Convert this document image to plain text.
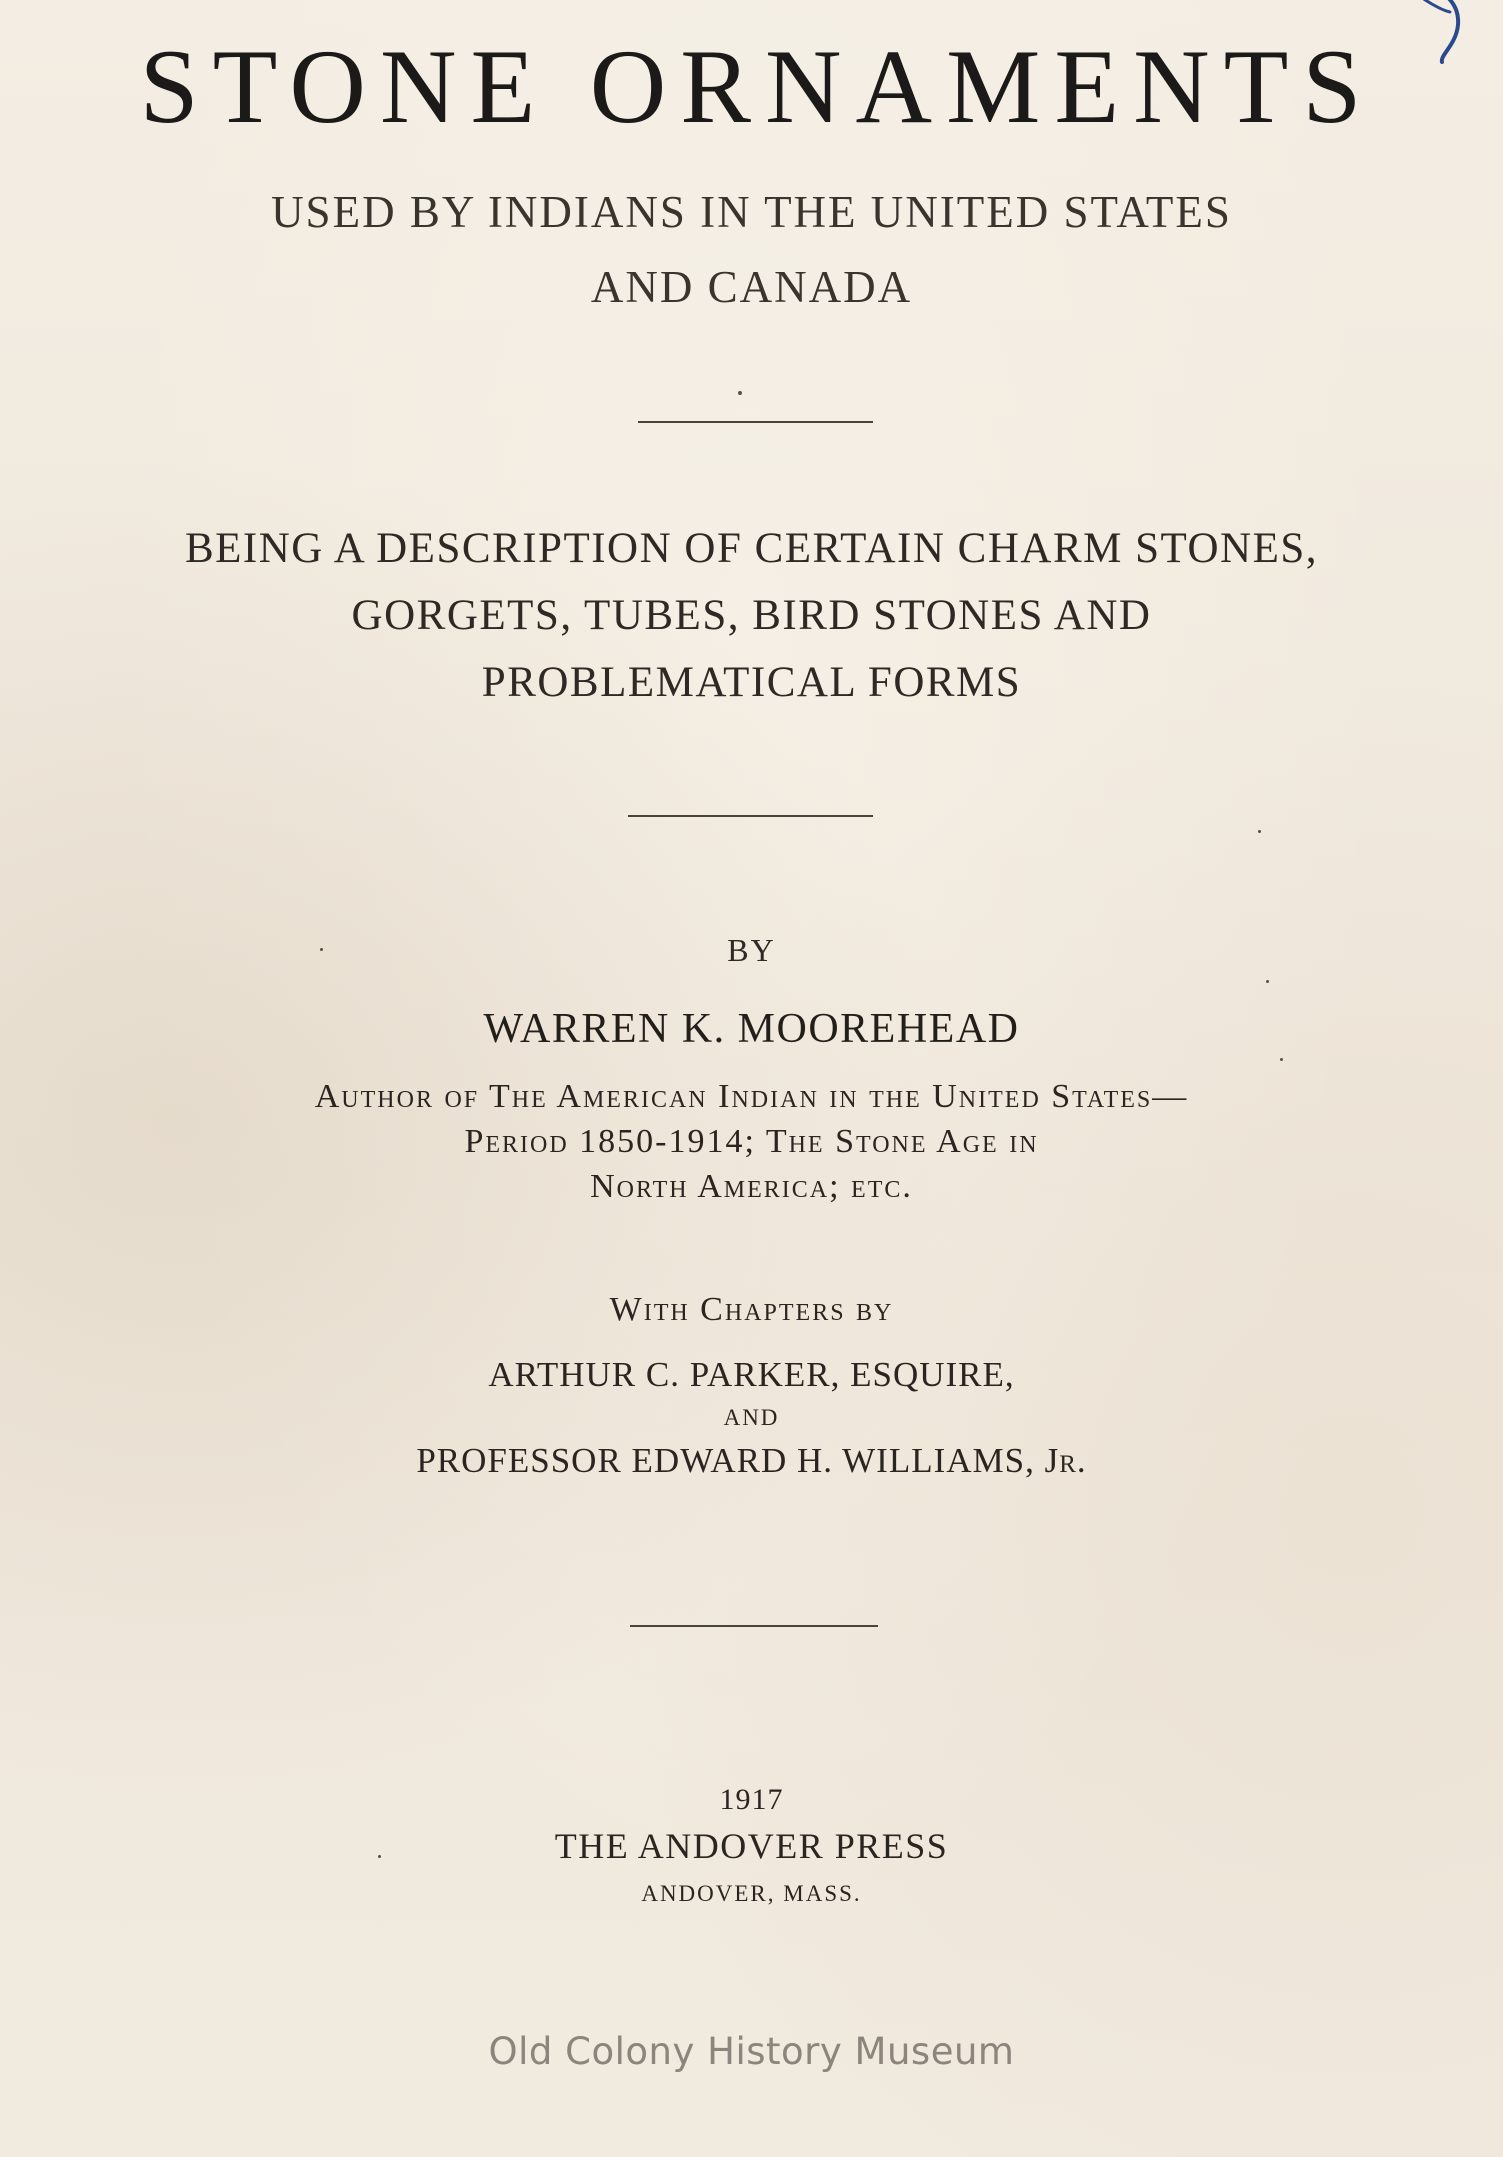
STONE ORNAMENTS
USED BY INDIANS IN THE UNITED STATES
AND CANADA
BEING A DESCRIPTION OF CERTAIN CHARM STONES,
GORGETS, TUBES, BIRD STONES AND
PROBLEMATICAL FORMS
BY
WARREN K. MOOREHEAD
Author of The American Indian in the United States—
Period 1850-1914; The Stone Age in
North America; etc.
With Chapters by
ARTHUR C. PARKER, ESQUIRE,
AND
PROFESSOR EDWARD H. WILLIAMS, Jr.
1917
THE ANDOVER PRESS
ANDOVER, MASS.
Old Colony History Museum
